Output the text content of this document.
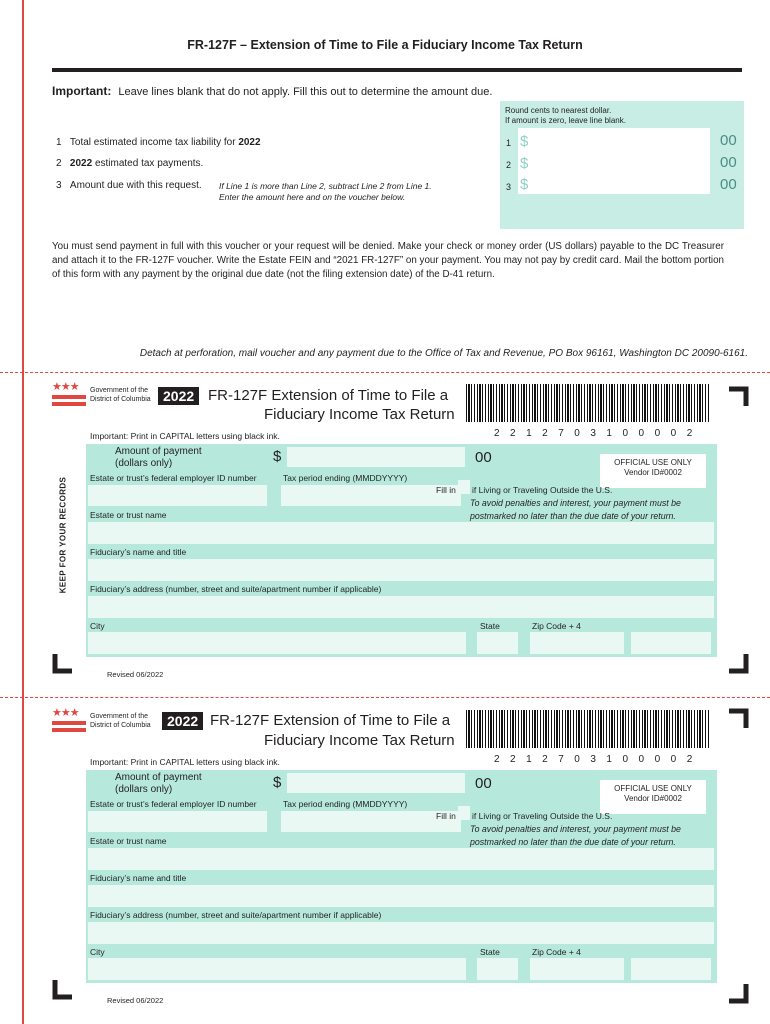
FR-127F – Extension of Time to File a Fiduciary Income Tax Return
Important: Leave lines blank that do not apply. Fill this out to determine the amount due.
Round cents to nearest dollar.
If amount is zero, leave line blank.
1 Total estimated income tax liability for 2022	1 $	00
2 2022 estimated tax payments.	2 $	00
3 Amount due with this request. If Line 1 is more than Line 2, subtract Line 2 from Line 1.
Enter the amount here and on the voucher below.
3 $	00
You must send payment in full with this voucher or your request will be denied. Make your check or money order (US dollars) payable to the DC Treasurer and attach it to the FR-127F voucher. Write the Estate FEIN and “2021 FR-127F” on your payment. You may not pay by credit card. Mail the bottom portion of this form with any payment by the original due date (not the filing extension date) of the D-41 return.
Detach at perforation, mail voucher and any payment due to the Office of Tax and Revenue, PO Box 96161, Washington DC 20090-6161.
KEEP FOR YOUR RECORDS
★★★	Government of the
District of Columbia 2022 FR-127F Extension of Time to File a
Fiduciary Income Tax Return
2212703100002
Important: Print in CAPITAL letters using black ink.
Amount of payment
(dollars only)	$	00	OFFICIAL USE ONLY
Vendor ID#0002
Estate or trust’s federal employer ID number	Tax period ending (MMDDYYYY)
Fill in if Living or Traveling Outside the U.S.
To avoid penalties and interest, your payment must be
postmarked no later than the due date of your return.
Estate or trust name
Fiduciary’s name and title
Fiduciary’s address (number, street and suite/apartment number if applicable)
City	State	Zip Code + 4
Revised 06/2022
★★★	Government of the
District of Columbia	2022 FR-127F Extension of Time to File a
Fiduciary Income Tax Return
2212703100002
Important: Print in CAPITAL letters using black ink.
Amount of payment
(dollars only)	$	00	OFFICIAL USE ONLY
Vendor ID#0002
Estate or trust’s federal employer ID number	Tax period ending (MMDDYYYY)
Fill in if Living or Traveling Outside the U.S.
To avoid penalties and interest, your payment must be
postmarked no later than the due date of your return.
Estate or trust name
Fiduciary’s name and title
Fiduciary’s address (number, street and suite/apartment number if applicable)
City	State	Zip Code + 4
Revised 06/2022
